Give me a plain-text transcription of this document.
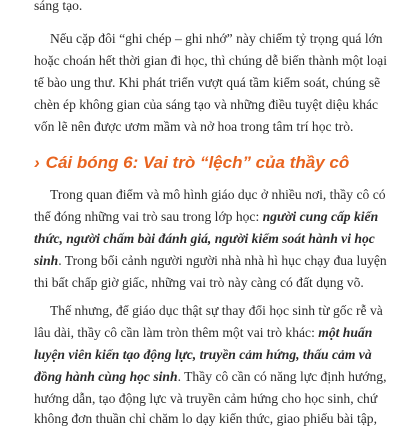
sáng tạo.
Nếu cặp đôi “ghi chép – ghi nhớ” này chiếm tỷ trọng quá lớn
hoặc choán hết thời gian đi học, thì chúng dễ biến thành một loại
tế bào ung thư. Khi phát triển vượt quá tầm kiểm soát, chúng sẽ
chèn ép không gian của sáng tạo và những điều tuyệt diệu khác
vốn lẽ nên được ươm mầm và nở hoa trong tâm trí học trò.
› Cái bóng 6: Vai trò “lệch” của thầy cô
Trong quan điểm và mô hình giáo dục ở nhiều nơi, thầy cô có
thể đóng những vai trò sau trong lớp học: người cung cấp kiến
thức, người chấm bài đánh giá, người kiểm soát hành vi học
sinh. Trong bối cảnh người người nhà nhà hì hục chạy đua luyện
thi bất chấp giờ giấc, những vai trò này càng có đất dụng võ.
Thế nhưng, để giáo dục thật sự thay đổi học sinh từ gốc rễ và
lâu dài, thầy cô cần làm tròn thêm một vai trò khác: một huấn
luyện viên kiến tạo động lực, truyền cảm hứng, thấu cảm và
đồng hành cùng học sinh. Thầy cô cần có năng lực định hướng,
hướng dẫn, tạo động lực và truyền cảm hứng cho học sinh, chứ
không đơn thuần chỉ chăm lo dạy kiến thức, giao phiếu bài tập,
